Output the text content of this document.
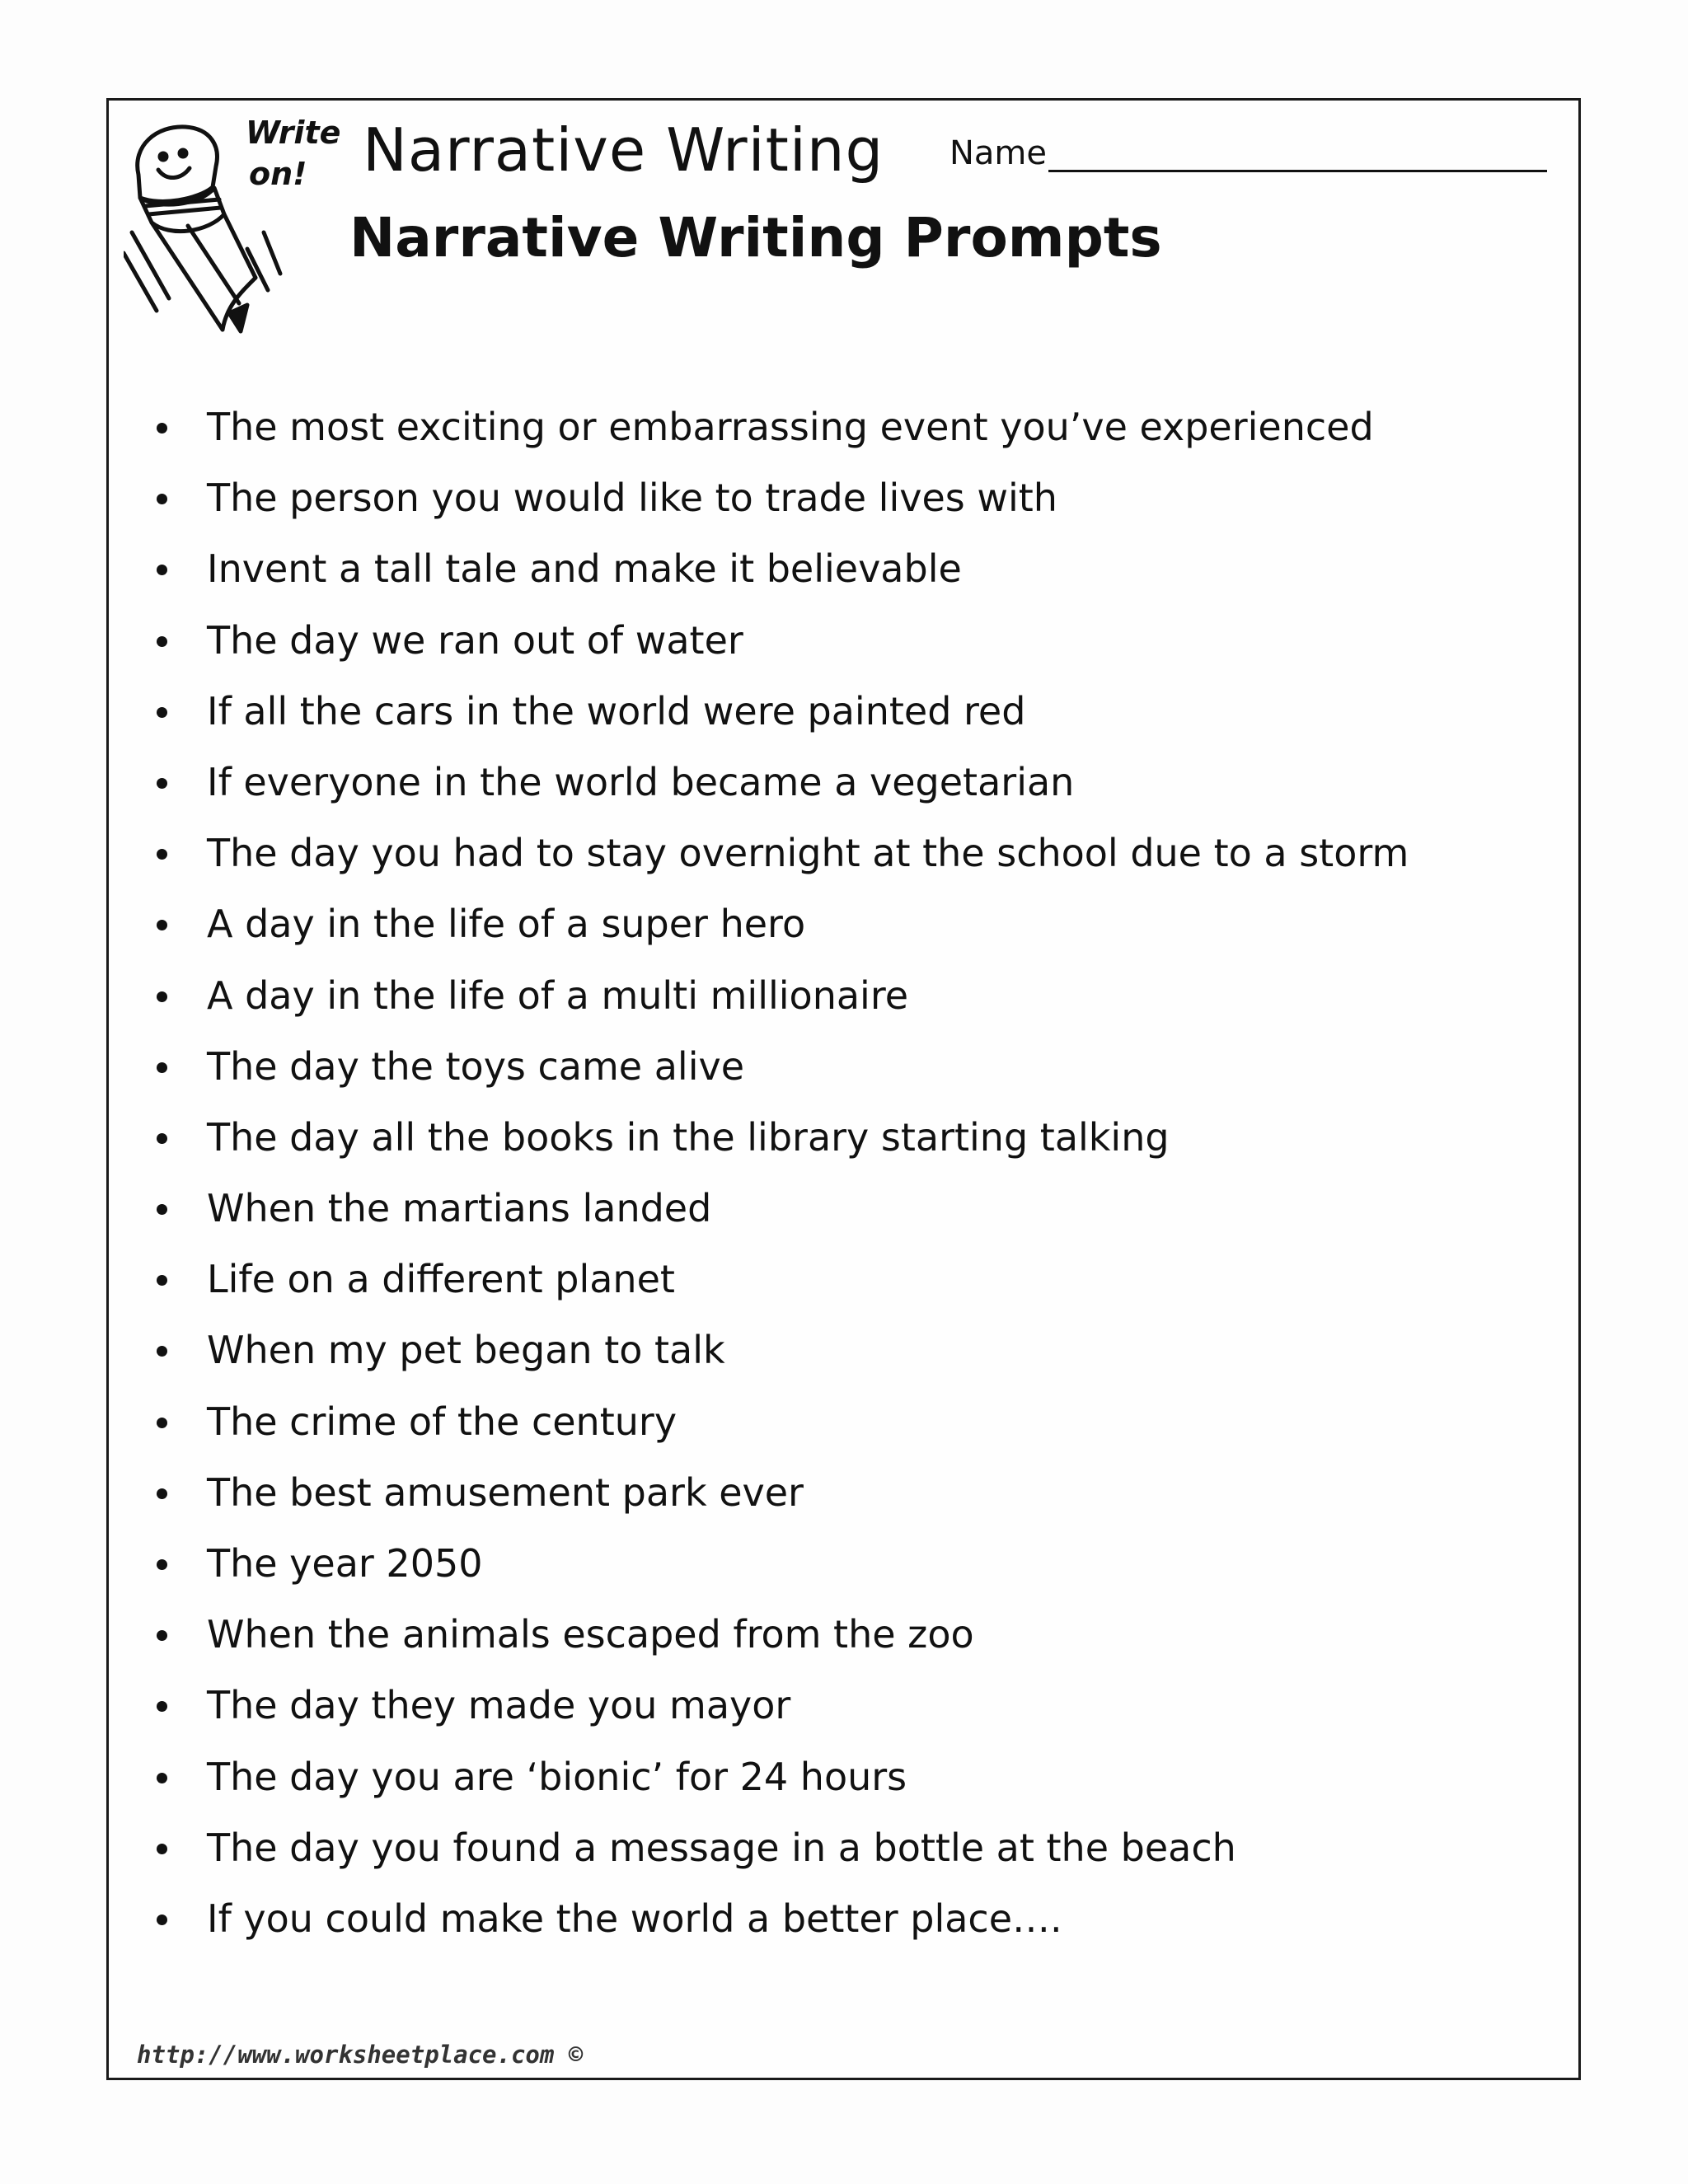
Write
on! Narrative Writing Name
Narrative Writing Prompts
The most exciting or embarrassing event you’ve experienced
The person you would like to trade lives with
Invent a tall tale and make it believable
The day we ran out of water
If all the cars in the world were painted red
If everyone in the world became a vegetarian
The day you had to stay overnight at the school due to a storm
A day in the life of a super hero
A day in the life of a multi millionaire
The day the toys came alive
The day all the books in the library starting talking
When the martians landed
Life on a different planet
When my pet began to talk
The crime of the century
The best amusement park ever
The year 2050
When the animals escaped from the zoo
The day they made you mayor
The day you are ‘bionic’ for 24 hours
The day you found a message in a bottle at the beach
If you could make the world a better place….
http://www.worksheetplace.com ©
